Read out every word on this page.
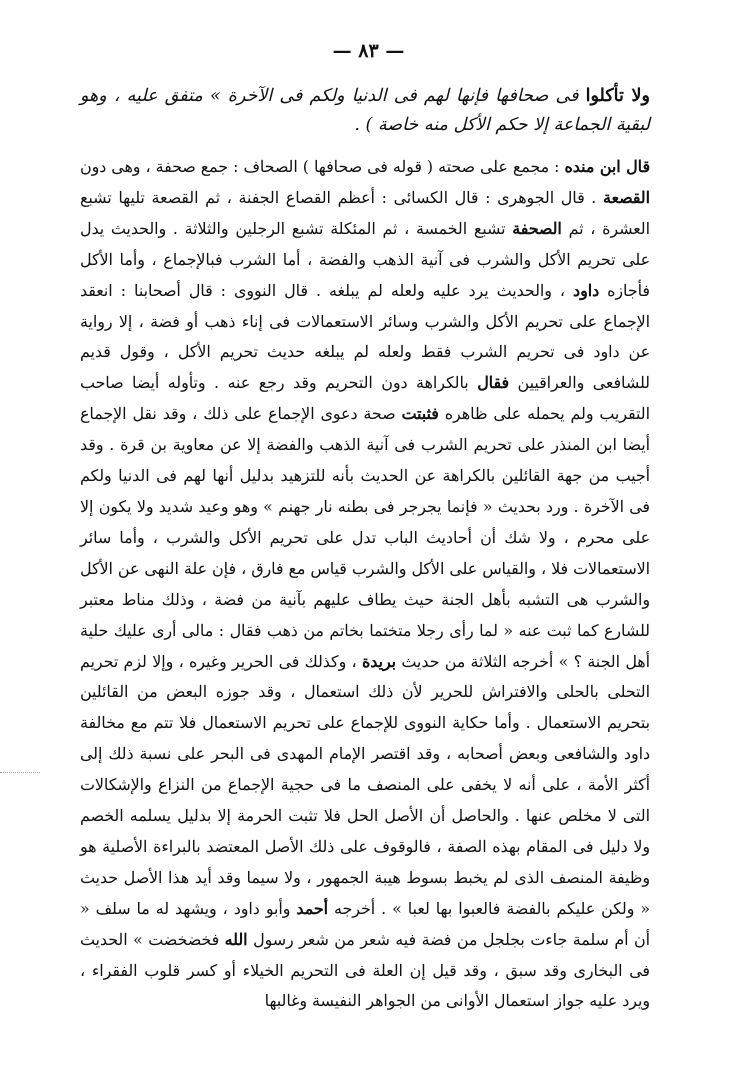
— ٨٣ —
ولا تأكلوا فى صحافها فإنها لهم فى الدنيا ولكم فى الآخرة » متفق عليه ، وهو لبقية الجماعة إلا حكم الأكل منه خاصة ) .

قال ابن منده : مجمع على صحته ( قوله فى صحافها ) الصحاف : جمع صحفة ، وهى دون القصعة . قال الجوهرى : قال الكسائى : أعظم القصاع الجفنة ، ثم القصعة تليها تشبع العشرة ، ثم الصحفة تشبع الخمسة ، ثم المئكلة تشبع الرجلين والثلاثة . والحديث يدل على تحريم الأكل والشرب فى آنية الذهب والفضة ، أما الشرب فبالإجماع ، وأما الأكل فأجازه داود ، والحديث يرد عليه ولعله لم يبلغه . قال النووى : قال أصحابنا : انعقد الإجماع على تحريم الأكل والشرب وسائر الاستعمالات فى إناء ذهب أو فضة ، إلا رواية عن داود فى تحريم الشرب فقط ولعله لم يبلغه حديث تحريم الأكل ، وقول قديم للشافعى والعراقيين فقال بالكراهة دون التحريم وقد رجع عنه . وتأوله أيضا صاحب التقريب ولم يحمله على ظاهره فثبتت صحة دعوى الإجماع على ذلك ، وقد نقل الإجماع أيضا ابن المنذر على تحريم الشرب فى آنية الذهب والفضة إلا عن معاوية بن قرة . وقد أجيب من جهة القائلين بالكراهة عن الحديث بأنه للتزهيد بدليل أنها لهم فى الدنيا ولكم فى الآخرة . ورد بحديث « فإنما يجرجر فى بطنه نار جهنم » وهو وعيد شديد ولا يكون إلا على محرم ، ولا شك أن أحاديث الباب تدل على تحريم الأكل والشرب ، وأما سائر الاستعمالات فلا ، والقياس على الأكل والشرب قياس مع فارق ، فإن علة النهى عن الأكل والشرب هى التشبه بأهل الجنة حيث يطاف عليهم بآنية من فضة ، وذلك مناط معتبر للشارع كما ثبت عنه « لما رأى رجلا متختما بخاتم من ذهب فقال : مالى أرى عليك حلية أهل الجنة ؟ » أخرجه الثلاثة من حديث بريدة ، وكذلك فى الحرير وغيره ، وإلا لزم تحريم التحلى بالحلى والافتراش للحرير لأن ذلك استعمال ، وقد جوزه البعض من القائلين بتحريم الاستعمال . وأما حكاية النووى للإجماع على تحريم الاستعمال فلا تتم مع مخالفة داود والشافعى وبعض أصحابه ، وقد اقتصر الإمام المهدى فى البحر على نسبة ذلك إلى أكثر الأمة ، على أنه لا يخفى على المنصف ما فى حجية الإجماع من النزاع والإشكالات التى لا مخلص عنها . والحاصل أن الأصل الحل فلا تثبت الحرمة إلا بدليل يسلمه الخصم ولا دليل فى المقام بهذه الصفة ، فالوقوف على ذلك الأصل المعتضد بالبراءة الأصلية هو وظيفة المنصف الذى لم يخبط بسوط هيبة الجمهور ، ولا سيما وقد أيد هذا الأصل حديث « ولكن عليكم بالفضة فالعبوا بها لعبا » . أخرجه أحمد وأبو داود ، ويشهد له ما سلف « أن أم سلمة جاءت بجلجل من فضة فيه شعر من شعر رسول الله فخضخضت » الحديث فى البخارى وقد سبق ، وقد قيل إن العلة فى التحريم الخيلاء أو كسر قلوب الفقراء ، ويرد عليه جواز استعمال الأوانى من الجواهر النفيسة وغالبها
